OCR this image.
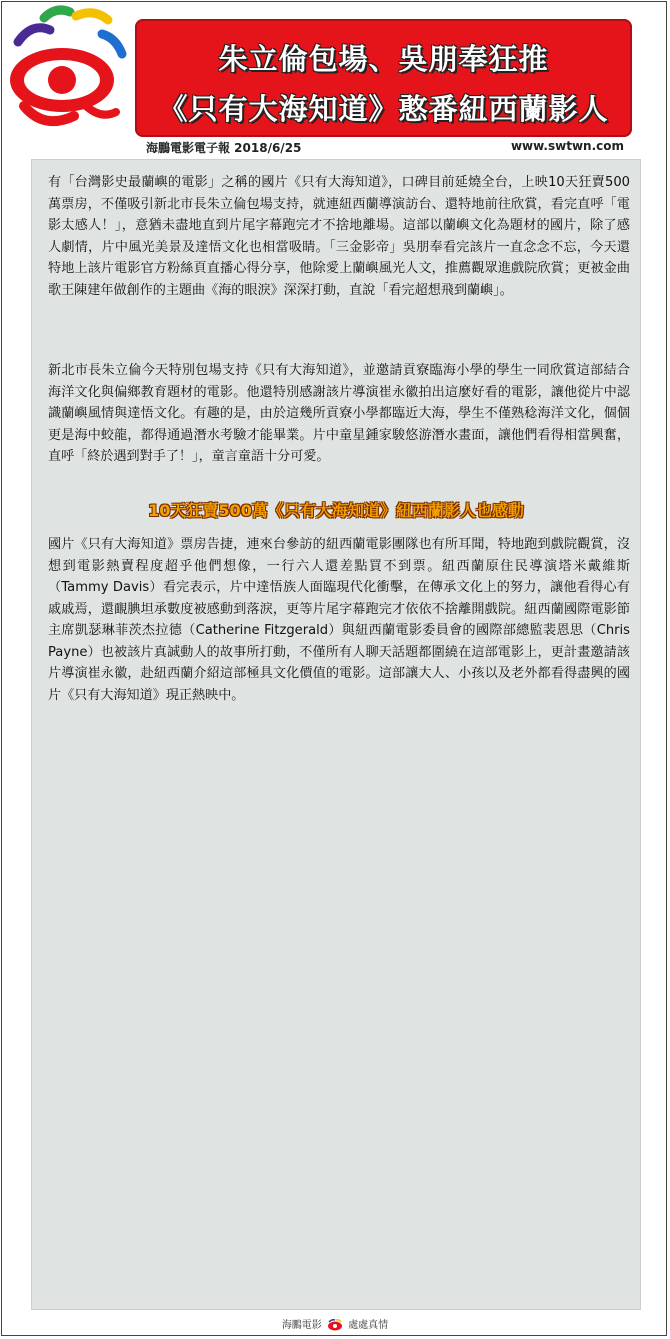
朱立倫包場、吳朋奉狂推
《只有大海知道》憨番紐西蘭影人
海鵬電影電子報 2018/6/25	www.swtwn.com
有「台灣影史最蘭嶼的電影」之稱的國片《只有大海知道》，口碑目前延燒全台，上映10天狂賣500萬票房，不僅吸引新北市長朱立倫包場支持，就連紐西蘭導演訪台、還特地前往欣賞，看完直呼「電影太感人！」，意猶未盡地直到片尾字幕跑完才不捨地離場。這部以蘭嶼文化為題材的國片，除了感人劇情，片中風光美景及達悟文化也相當吸睛。「三金影帝」吳朋奉看完該片一直念念不忘，今天還特地上該片電影官方粉絲頁直播心得分享，他除愛上蘭嶼風光人文，推薦觀眾進戲院欣賞；更被金曲歌王陳建年做創作的主題曲《海的眼淚》深深打動，直說「看完超想飛到蘭嶼」。
新北市長朱立倫今天特別包場支持《只有大海知道》，並邀請貢寮臨海小學的學生一同欣賞這部結合海洋文化與偏鄉教育題材的電影。他還特別感謝該片導演崔永徽拍出這麼好看的電影，讓他從片中認識蘭嶼風情與達悟文化。有趣的是，由於這幾所貢寮小學都臨近大海，學生不僅熟稔海洋文化，個個更是海中蛟龍，都得通過潛水考驗才能畢業。片中童星鍾家駿悠游潛水畫面，讓他們看得相當興奮，直呼「終於遇到對手了！」，童言童語十分可愛。
10天狂賣500萬《只有大海知道》紐西蘭影人也感動
國片《只有大海知道》票房告捷，連來台參訪的紐西蘭電影團隊也有所耳聞，特地跑到戲院觀賞，沒想到電影熱賣程度超乎他們想像，一行六人還差點買不到票。紐西蘭原住民導演塔米戴維斯（Tammy Davis）看完表示，片中達悟族人面臨現代化衝擊，在傳承文化上的努力，讓他看得心有戚戚焉，還靦腆坦承數度被感動到落淚，更等片尾字幕跑完才依依不捨離開戲院。紐西蘭國際電影節主席凱瑟琳菲茨杰拉德（Catherine Fitzgerald）與紐西蘭電影委員會的國際部總監裴恩思（Chris Payne）也被該片真誠動人的故事所打動，不僅所有人聊天話題都圍繞在這部電影上，更計畫邀請該片導演崔永徽，赴紐西蘭介紹這部極具文化價值的電影。這部讓大人、小孩以及老外都看得盡興的國片《只有大海知道》現正熱映中。
海鵬電影	處處真情
